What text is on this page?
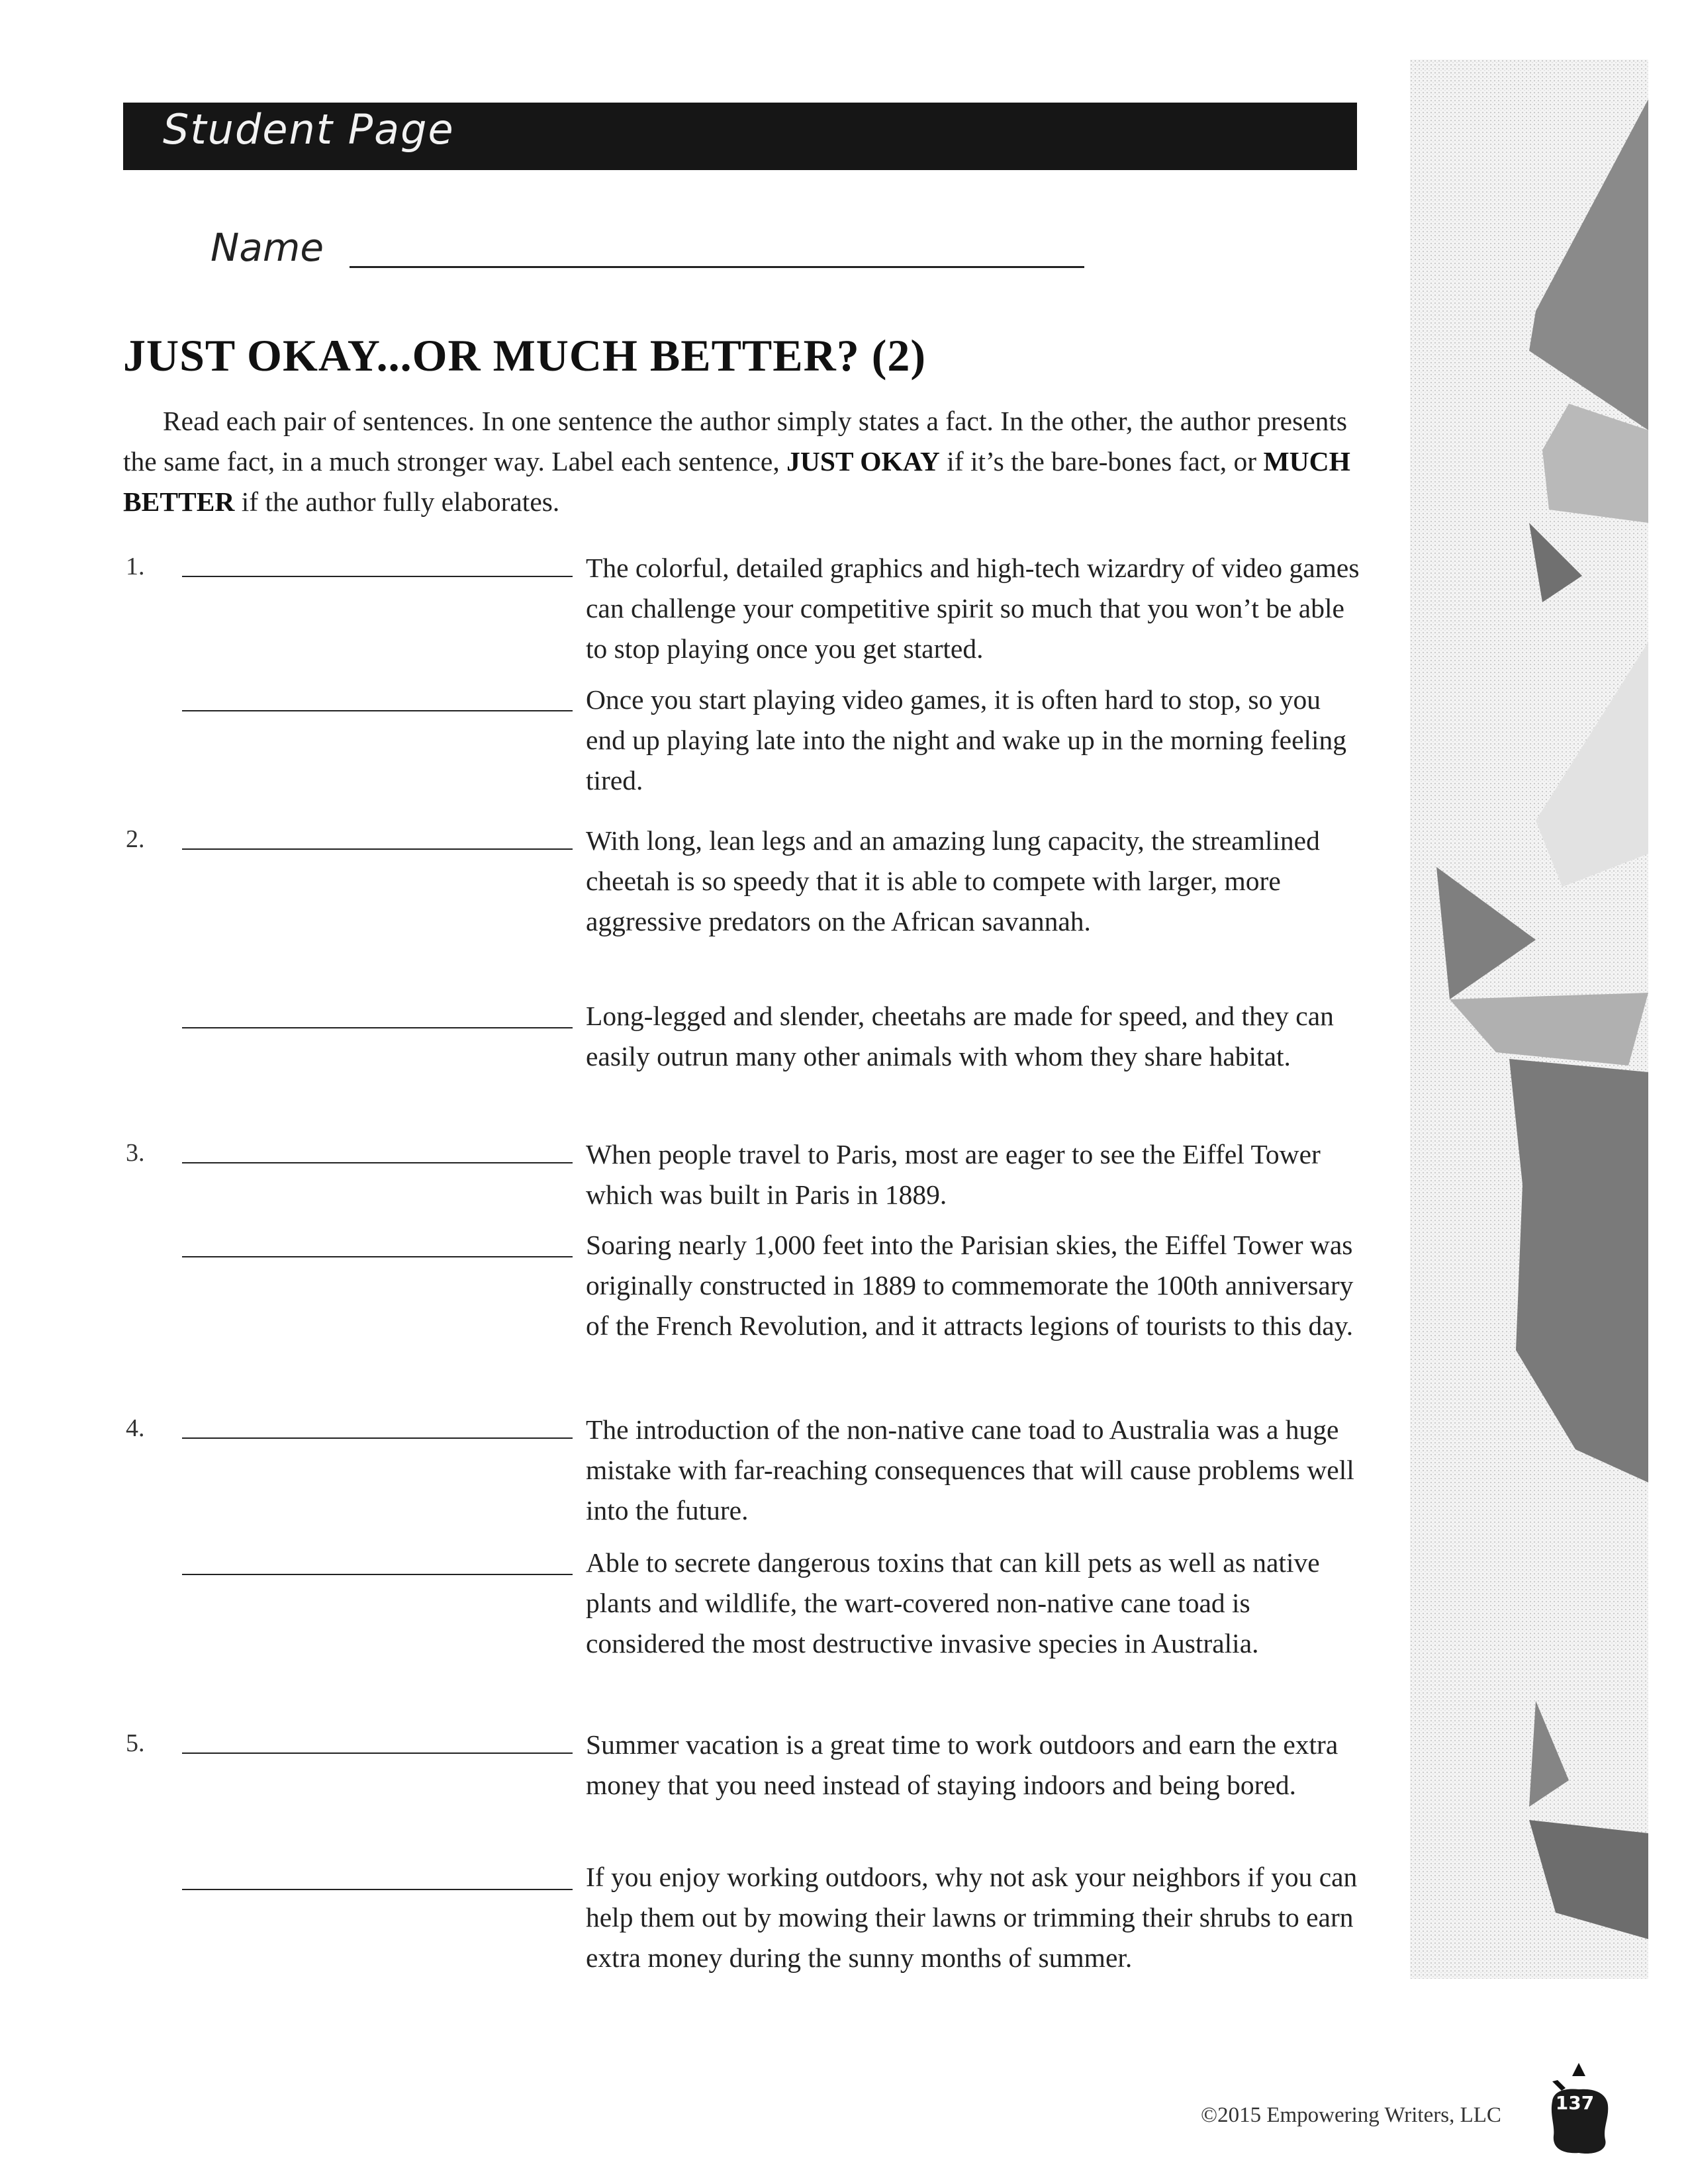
Student Page
Name
JUST OKAY...OR MUCH BETTER? (2)
Read each pair of sentences. In one sentence the author simply states a fact. In the other, the author presents the same fact, in a much stronger way. Label each sentence, JUST OKAY if it’s the bare-bones fact, or MUCH BETTER if the author fully elaborates.
1.	The colorful, detailed graphics and high-tech wizardry of video games can challenge your competitive spirit so much that you won’t be able to stop playing once you get started.
Once you start playing video games, it is often hard to stop, so you end up playing late into the night and wake up in the morning feeling tired.
2.	With long, lean legs and an amazing lung capacity, the streamlined cheetah is so speedy that it is able to compete with larger, more aggressive predators on the African savannah.
Long-legged and slender, cheetahs are made for speed, and they can easily outrun many other animals with whom they share habitat.
3.	When people travel to Paris, most are eager to see the Eiffel Tower which was built in Paris in 1889.
Soaring nearly 1,000 feet into the Parisian skies, the Eiffel Tower was originally constructed in 1889 to commemorate the 100th anniversary of the French Revolution, and it attracts legions of tourists to this day.
4.	The introduction of the non-native cane toad to Australia was a huge mistake with far-reaching consequences that will cause problems well into the future.
Able to secrete dangerous toxins that can kill pets as well as native plants and wildlife, the wart-covered non-native cane toad is considered the most destructive invasive species in Australia.
5.	Summer vacation is a great time to work outdoors and earn the extra money that you need instead of staying indoors and being bored.
If you enjoy working outdoors, why not ask your neighbors if you can help them out by mowing their lawns or trimming their shrubs to earn extra money during the sunny months of summer.
©2015 Empowering Writers, LLC
137
